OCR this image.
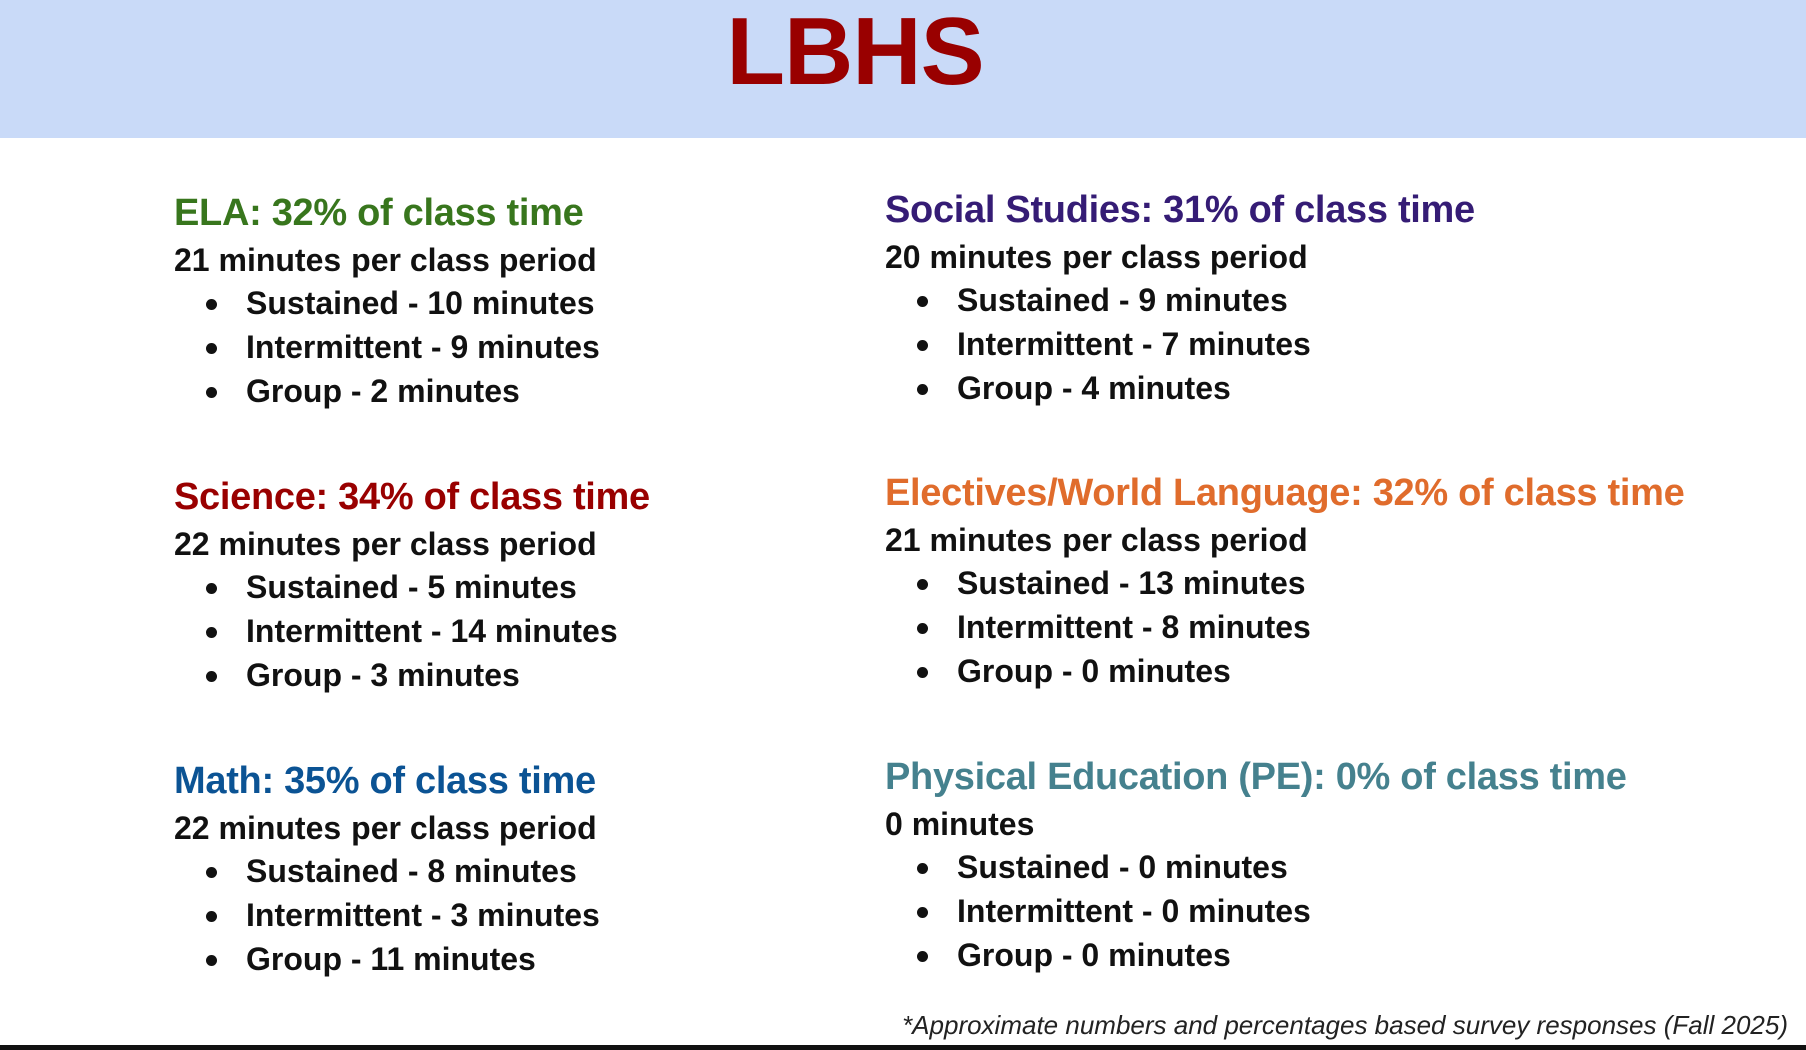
LBHS
ELA: 32% of class time
21 minutes per class period
Sustained - 10 minutes
Intermittent - 9 minutes
Group - 2 minutes
Science: 34% of class time
22 minutes per class period
Sustained - 5 minutes
Intermittent - 14 minutes
Group - 3 minutes
Math: 35% of class time
22 minutes per class period
Sustained - 8 minutes
Intermittent - 3 minutes
Group - 11 minutes
Social Studies: 31% of class time
20 minutes per class period
Sustained - 9 minutes
Intermittent - 7 minutes
Group - 4 minutes
Electives/World Language: 32% of class time
21 minutes per class period
Sustained - 13 minutes
Intermittent - 8 minutes
Group - 0 minutes
Physical Education (PE): 0% of class time
0 minutes
Sustained - 0 minutes
Intermittent - 0 minutes
Group - 0 minutes
*Approximate numbers and percentages based survey responses (Fall 2025)
